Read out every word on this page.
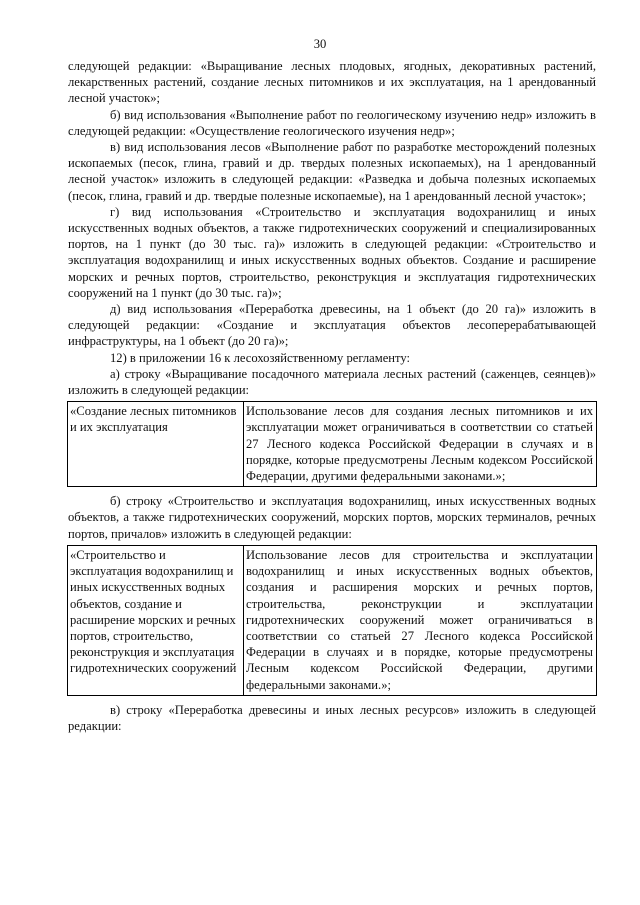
30

следующей редакции: «Выращивание лесных плодовых, ягодных, декоративных растений, лекарственных растений, создание лесных питомников и их эксплуатация, на 1 арендованный лесной участок»;

б) вид использования «Выполнение работ по геологическому изучению недр» изложить в следующей редакции: «Осуществление геологического изучения недр»;

в) вид использования лесов «Выполнение работ по разработке месторождений полезных ископаемых (песок, глина, гравий и др. твердых полезных ископаемых), на 1 арендованный лесной участок» изложить в следующей редакции: «Разведка и добыча полезных ископаемых (песок, глина, гравий и др. твердые полезные ископаемые), на 1 арендованный лесной участок»;

г) вид использования «Строительство и эксплуатация водохранилищ и иных искусственных водных объектов, а также гидротехнических сооружений и специализированных портов, на 1 пункт (до 30 тыс. га)» изложить в следующей редакции: «Строительство и эксплуатация водохранилищ и иных искусственных водных объектов. Создание и расширение морских и речных портов, строительство, реконструкция и эксплуатация гидротехнических сооружений на 1 пункт (до 30 тыс. га)»;

д) вид использования «Переработка древесины, на 1 объект (до 20 га)» изложить в следующей редакции: «Создание и эксплуатация объектов лесоперерабатывающей инфраструктуры, на 1 объект (до 20 га)»;

12) в приложении 16 к лесохозяйственному регламенту:

а) строку «Выращивание посадочного материала лесных растений (саженцев, сеянцев)» изложить в следующей редакции:

«Создание лесных питомников и их эксплуатация	Использование лесов для создания лесных питомников и их эксплуатации может ограничиваться в соответствии со статьей 27 Лесного кодекса Российской Федерации в случаях и в порядке, которые предусмотрены Лесным кодексом Российской Федерации, другими федеральными законами.»;

б) строку «Строительство и эксплуатация водохранилищ, иных искусственных водных объектов, а также гидротехнических сооружений, морских портов, морских терминалов, речных портов, причалов» изложить в следующей редакции:

«Строительство и эксплуатация водохранилищ и иных искусственных водных объектов, создание и расширение морских и речных портов, строительство, реконструкция и эксплуатация гидротехнических сооружений	Использование лесов для строительства и эксплуатации водохранилищ и иных искусственных водных объектов, создания и расширения морских и речных портов, строительства, реконструкции и эксплуатации гидротехнических сооружений может ограничиваться в соответствии со статьей 27 Лесного кодекса Российской Федерации в случаях и в порядке, которые предусмотрены Лесным кодексом Российской Федерации, другими федеральными законами.»;

в) строку «Переработка древесины и иных лесных ресурсов» изложить в следующей редакции:
